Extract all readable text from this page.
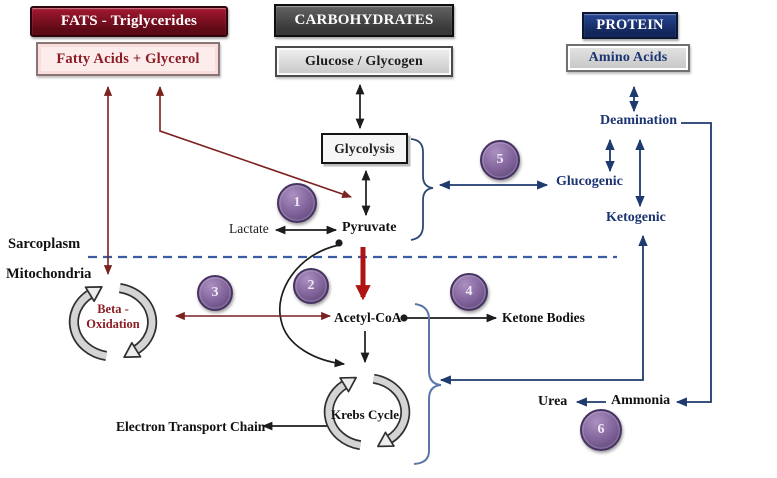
FATS - Triglycerides
Fatty Acids + Glycerol
CARBOHYDRATES
Glucose / Glycogen
PROTEIN
Amino Acids
Glycolysis
Sarcoplasm
Mitochondria
Lactate	Pyruvate
Acetyl-CoA	Ketone Bodies
Krebs Cycle
Beta -
Oxidation
Electron Transport Chain
Urea	Ammonia
Deamination
Glucogenic
Ketogenic
1
2
3	4
5
6
